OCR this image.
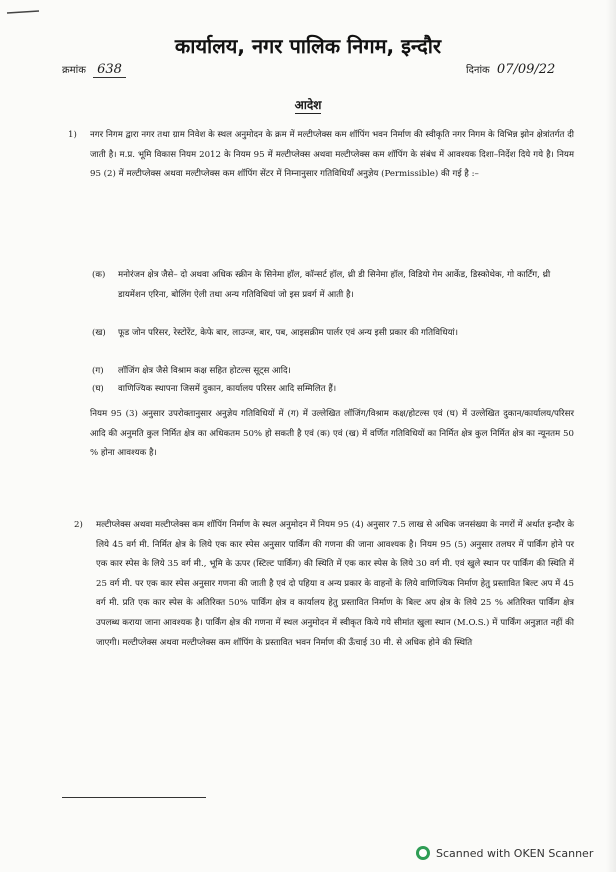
कार्यालय, नगर पालिक निगम, इन्दौर
क्रमांक 638	दिनांक 07/09/22
आदेश
1) नगर निगम द्वारा नगर तथा ग्राम निवेश के स्थल अनुमोदन के क्रम में मल्टीप्लेक्स कम शॉपिंग भवन निर्माण की स्वीकृति नगर निगम के विभिन्न झोन क्षेत्रांतर्गत दी जाती है। म.प्र. भूमि विकास नियम 2012 के नियम 95 में मल्टीप्लेक्स अथवा मल्टीप्लेक्स कम शॉपिंग के संबंध में आवश्यक दिशा–निर्देश दिये गये है। नियम 95 (2) में मल्टीप्लेक्स अथवा मल्टीप्लेक्स कम शॉपिंग सेंटर में निम्नानुसार गतिविधियाँ अनुज्ञेय (Permissible) की गई है :–
(क) मनोरंजन क्षेत्र जैसे– दो अथवा अधिक स्क्रीन के सिनेमा हॉल, कॉन्सर्ट हॉल, थ्री डी सिनेमा हॉल, विडियो गेम आर्केड, डिस्कोथेक, गो कार्टिंग, थ्री डायमेंशन एरिना, बोलिंग ऐली तथा अन्य गतिविधियां जो इस प्रवर्ग में आती है।
(ख) फूड जोन परिसर, रेस्टोरेंट, केफे बार, लाउन्ज, बार, पब, आइसक्रीम पार्लर एवं अन्य इसी प्रकार की गतिविधियां।
(ग) लॉजिंग क्षेत्र जैसे विश्राम कक्ष सहित होटल्स सूट्स आदि।
(घ) वाणिज्यिक स्थापना जिसमें दुकान, कार्यालय परिसर आदि सम्मिलित हैं।
नियम 95 (3) अनुसार उपरोक्तानुसार अनुज्ञेय गतिविधियों में (ग) में उल्लेखित लॉजिंग/विश्राम कक्ष/होटल्स एवं (घ) में उल्लेखित दुकान/कार्यालय/परिसर आदि की अनुमति कुल निर्मित क्षेत्र का अधिकतम 50% हो सकती है एवं (क) एवं (ख) में वर्णित गतिविधियों का निर्मित क्षेत्र कुल निर्मित क्षेत्र का न्यूनतम 50 % होना आवश्यक है।
2) मल्टीप्लेक्स अथवा मल्टीप्लेक्स कम शॉपिंग निर्माण के स्थल अनुमोदन में नियम 95 (4) अनुसार 7.5 लाख से अधिक जनसंख्या के नगरों में अर्थात इन्दौर के लिये 45 वर्ग मी. निर्मित क्षेत्र के लिये एक कार स्पेस अनुसार पार्किंग की गणना की जाना आवश्यक है। नियम 95 (5) अनुसार तलघर में पार्किंग होने पर एक कार स्पेस के लिये 35 वर्ग मी., भूमि के ऊपर (स्टिल्ट पार्किंग) की स्थिति में एक कार स्पेस के लिये 30 वर्ग मी. एवं खुले स्थान पर पार्किंग की स्थिति में 25 वर्ग मी. पर एक कार स्पेस अनुसार गणना की जाती है एवं दो पहिया व अन्य प्रकार के वाहनों के लिये वाणिज्यिक निर्माण हेतु प्रस्तावित बिल्ट अप में 45 वर्ग मी. प्रति एक कार स्पेस के अतिरिक्त 50% पार्किंग क्षेत्र व कार्यालय हेतु प्रस्तावित निर्माण के बिल्ट अप क्षेत्र के लिये 25 % अतिरिक्त पार्किंग क्षेत्र उपलब्ध कराया जाना आवश्यक है। पार्किंग क्षेत्र की गणना में स्थल अनुमोदन में स्वीकृत किये गये सीमांत खुला स्थान (M.O.S.) में पार्किंग अनुज्ञात नहीं की जाएगी। मल्टीप्लेक्स अथवा मल्टीप्लेक्स कम शॉपिंग के प्रस्तावित भवन निर्माण की ऊँचाई 30 मी. से अधिक होने की स्थिति
Scanned with OKEN Scanner
